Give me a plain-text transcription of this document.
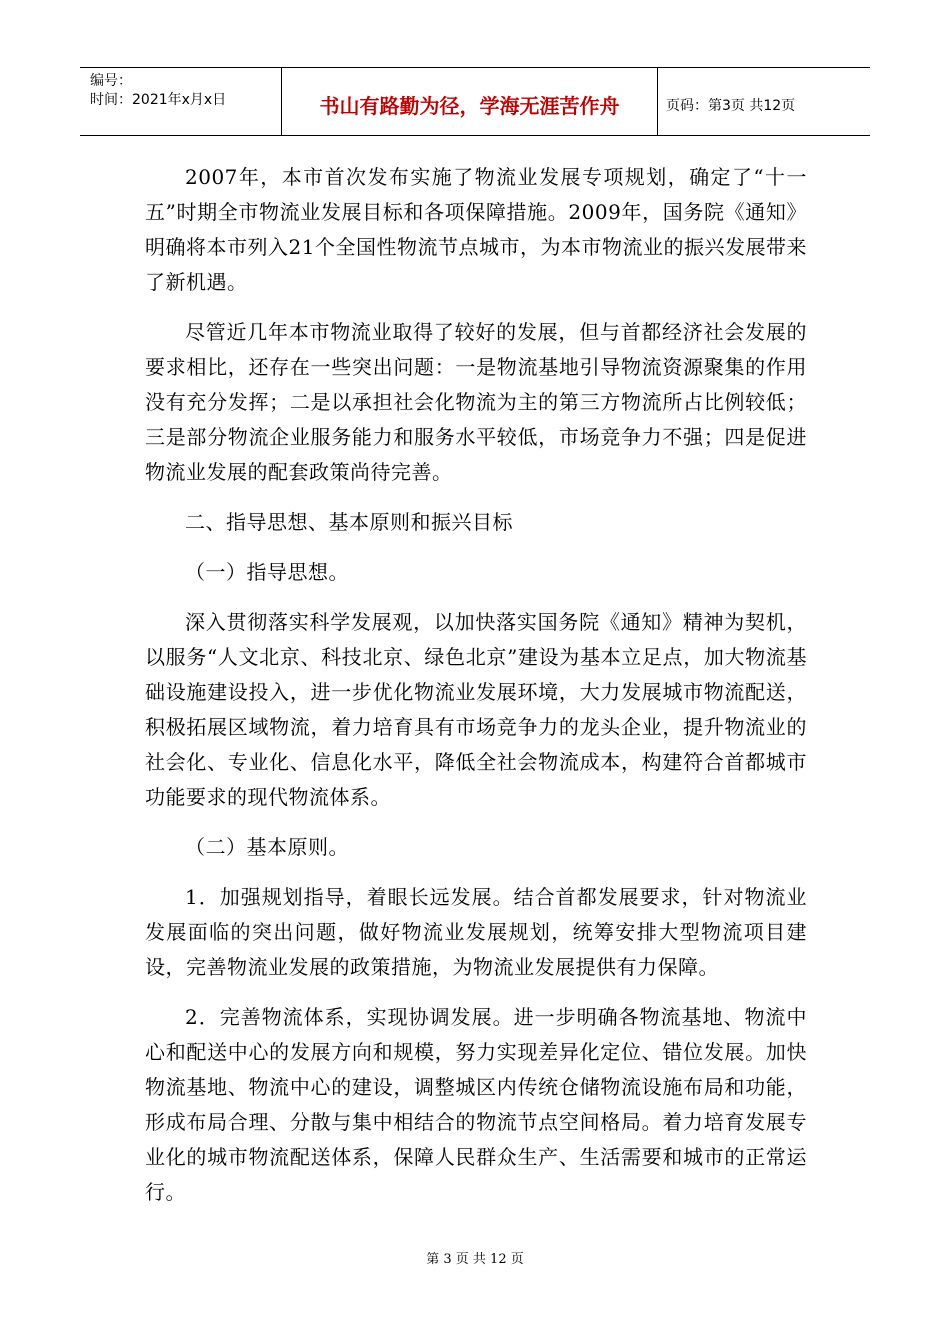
编号：
时间：2021年x月x日	书山有路勤为径，学海无涯苦作舟	页码：第3页 共12页

2007年，本市首次发布实施了物流业发展专项规划，确定了“十一五”时期全市物流业发展目标和各项保障措施。2009年，国务院《通知》明确将本市列入21个全国性物流节点城市，为本市物流业的振兴发展带来了新机遇。

尽管近几年本市物流业取得了较好的发展，但与首都经济社会发展的要求相比，还存在一些突出问题：一是物流基地引导物流资源聚集的作用没有充分发挥；二是以承担社会化物流为主的第三方物流所占比例较低；三是部分物流企业服务能力和服务水平较低，市场竞争力不强；四是促进物流业发展的配套政策尚待完善。

二、指导思想、基本原则和振兴目标

（一）指导思想。

深入贯彻落实科学发展观，以加快落实国务院《通知》精神为契机，以服务“人文北京、科技北京、绿色北京”建设为基本立足点，加大物流基础设施建设投入，进一步优化物流业发展环境，大力发展城市物流配送，积极拓展区域物流，着力培育具有市场竞争力的龙头企业，提升物流业的社会化、专业化、信息化水平，降低全社会物流成本，构建符合首都城市功能要求的现代物流体系。

（二）基本原则。

1．加强规划指导，着眼长远发展。结合首都发展要求，针对物流业发展面临的突出问题，做好物流业发展规划，统筹安排大型物流项目建设，完善物流业发展的政策措施，为物流业发展提供有力保障。

2．完善物流体系，实现协调发展。进一步明确各物流基地、物流中心和配送中心的发展方向和规模，努力实现差异化定位、错位发展。加快物流基地、物流中心的建设，调整城区内传统仓储物流设施布局和功能，形成布局合理、分散与集中相结合的物流节点空间格局。着力培育发展专业化的城市物流配送体系，保障人民群众生产、生活需要和城市的正常运行。

第 3 页 共 12 页
